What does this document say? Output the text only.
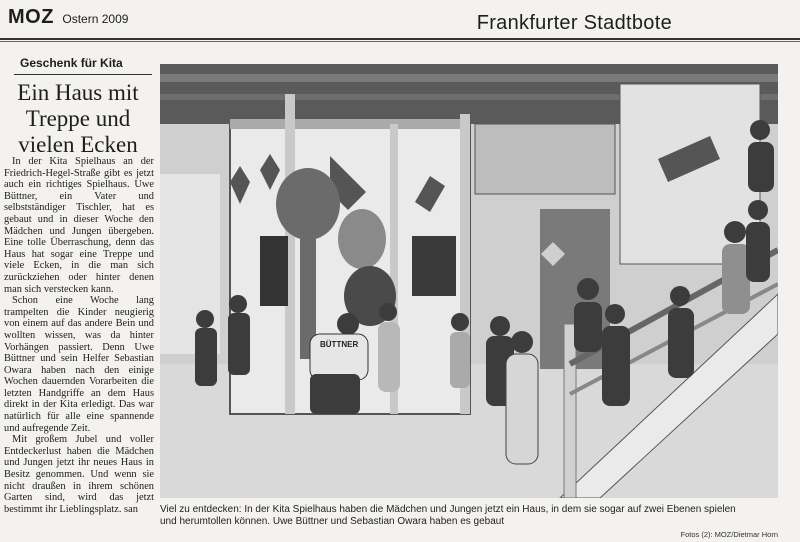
MOZ Ostern 2009	Frankfurter Stadtbote
Geschenk für Kita
Ein Haus mit
Treppe und
vielen Ecken

In der Kita Spielhaus an der Friedrich-Hegel-Straße gibt es jetzt auch ein richtiges Spielhaus. Uwe Büttner, ein Vater und selbstständiger Tischler, hat es gebaut und in dieser Woche den Mädchen und Jungen übergeben. Eine tolle Überraschung, denn das Haus hat sogar eine Treppe und viele Ecken, in die man sich zurückziehen oder hinter denen man sich verstecken kann.

Schon eine Woche lang trampelten die Kinder neugierig von einem auf das andere Bein und wollten wissen, was da hinter Vorhängen passiert. Denn Uwe Büttner und sein Helfer Sebastian Owara haben nach den einige Wochen dauernden Vorarbeiten die letzten Handgriffe an dem Haus direkt in der Kita erledigt. Das war natürlich für alle eine spannende und aufregende Zeit.

Mit großem Jubel und voller Entdeckerlust haben die Mädchen und Jungen jetzt ihr neues Haus in Besitz genommen. Und wenn sie nicht draußen in ihrem schönen Garten sind, wird das jetzt bestimmt ihr Lieblingsplatz. san

BÜTTNER
Viel zu entdecken: In der Kita Spielhaus haben die Mädchen und Jungen jetzt ein Haus, in dem sie sogar auf zwei Ebenen spielen
und herumtollen können. Uwe Büttner und Sebastian Owara haben es gebaut
Fotos (2): MOZ/Dietmar Horn
